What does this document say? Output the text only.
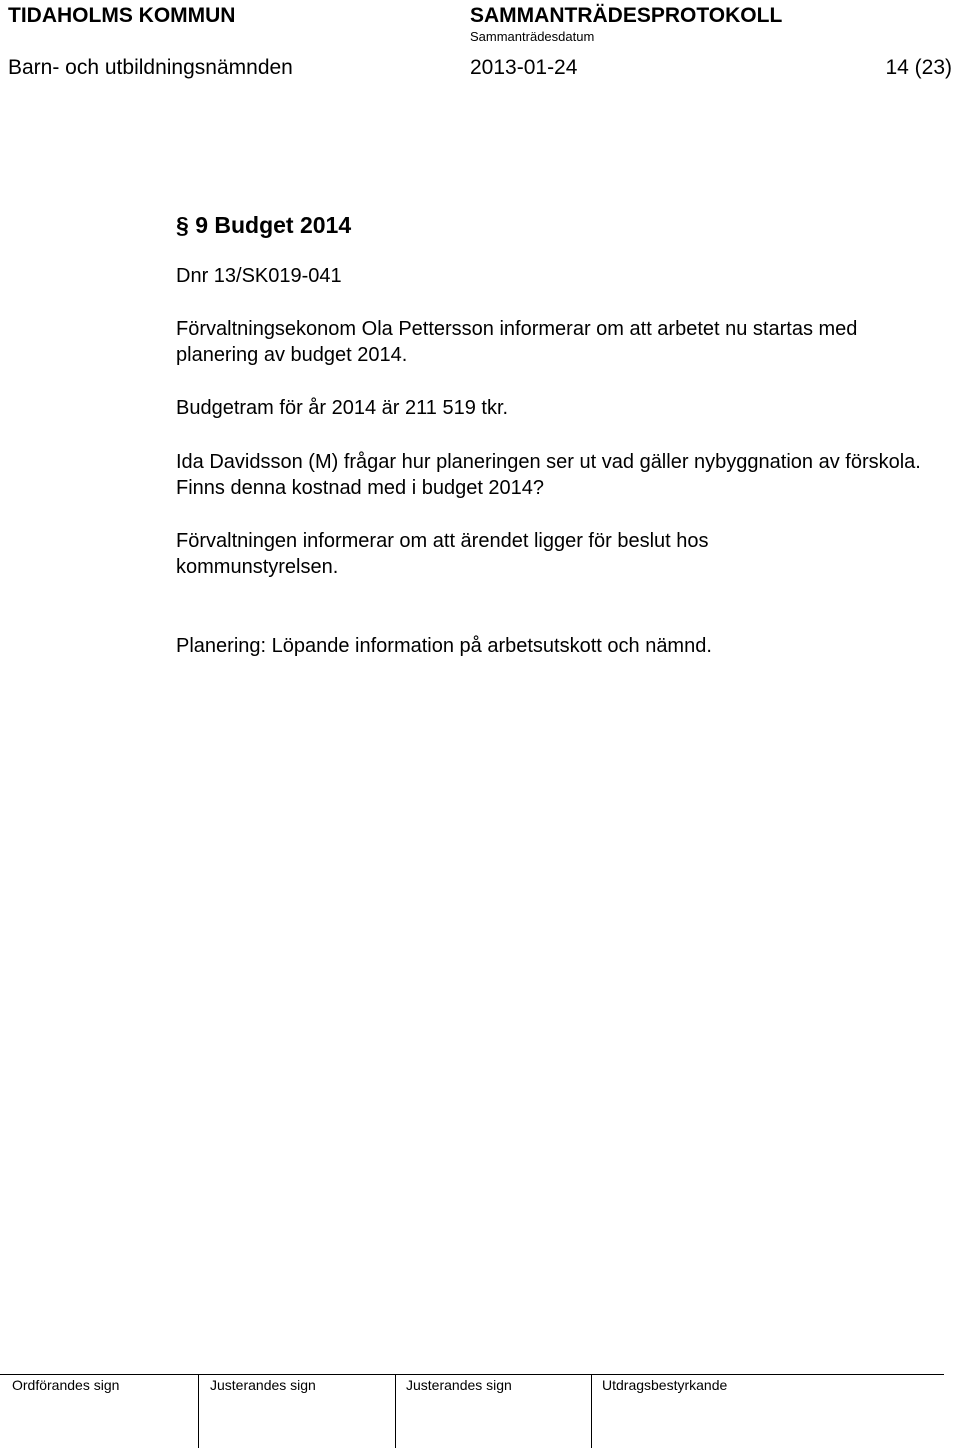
TIDAHOLMS KOMMUN	SAMMANTRÄDESPROTOKOLL
Sammanträdesdatum
Barn- och utbildningsnämnden	2013-01-24	14 (23)
§ 9 Budget 2014
Dnr 13/SK019-041
Förvaltningsekonom Ola Pettersson informerar om att arbetet nu startas med planering av budget 2014.
Budgetram för år 2014 är 211 519 tkr.
Ida Davidsson (M) frågar hur planeringen ser ut vad gäller nybyggnation av förskola. Finns denna kostnad med i budget 2014?
Förvaltningen informerar om att ärendet ligger för beslut hos kommunstyrelsen.
Planering: Löpande information på arbetsutskott och nämnd.
Ordförandes sign	Justerandes sign	Justerandes sign	Utdragsbestyrkande
